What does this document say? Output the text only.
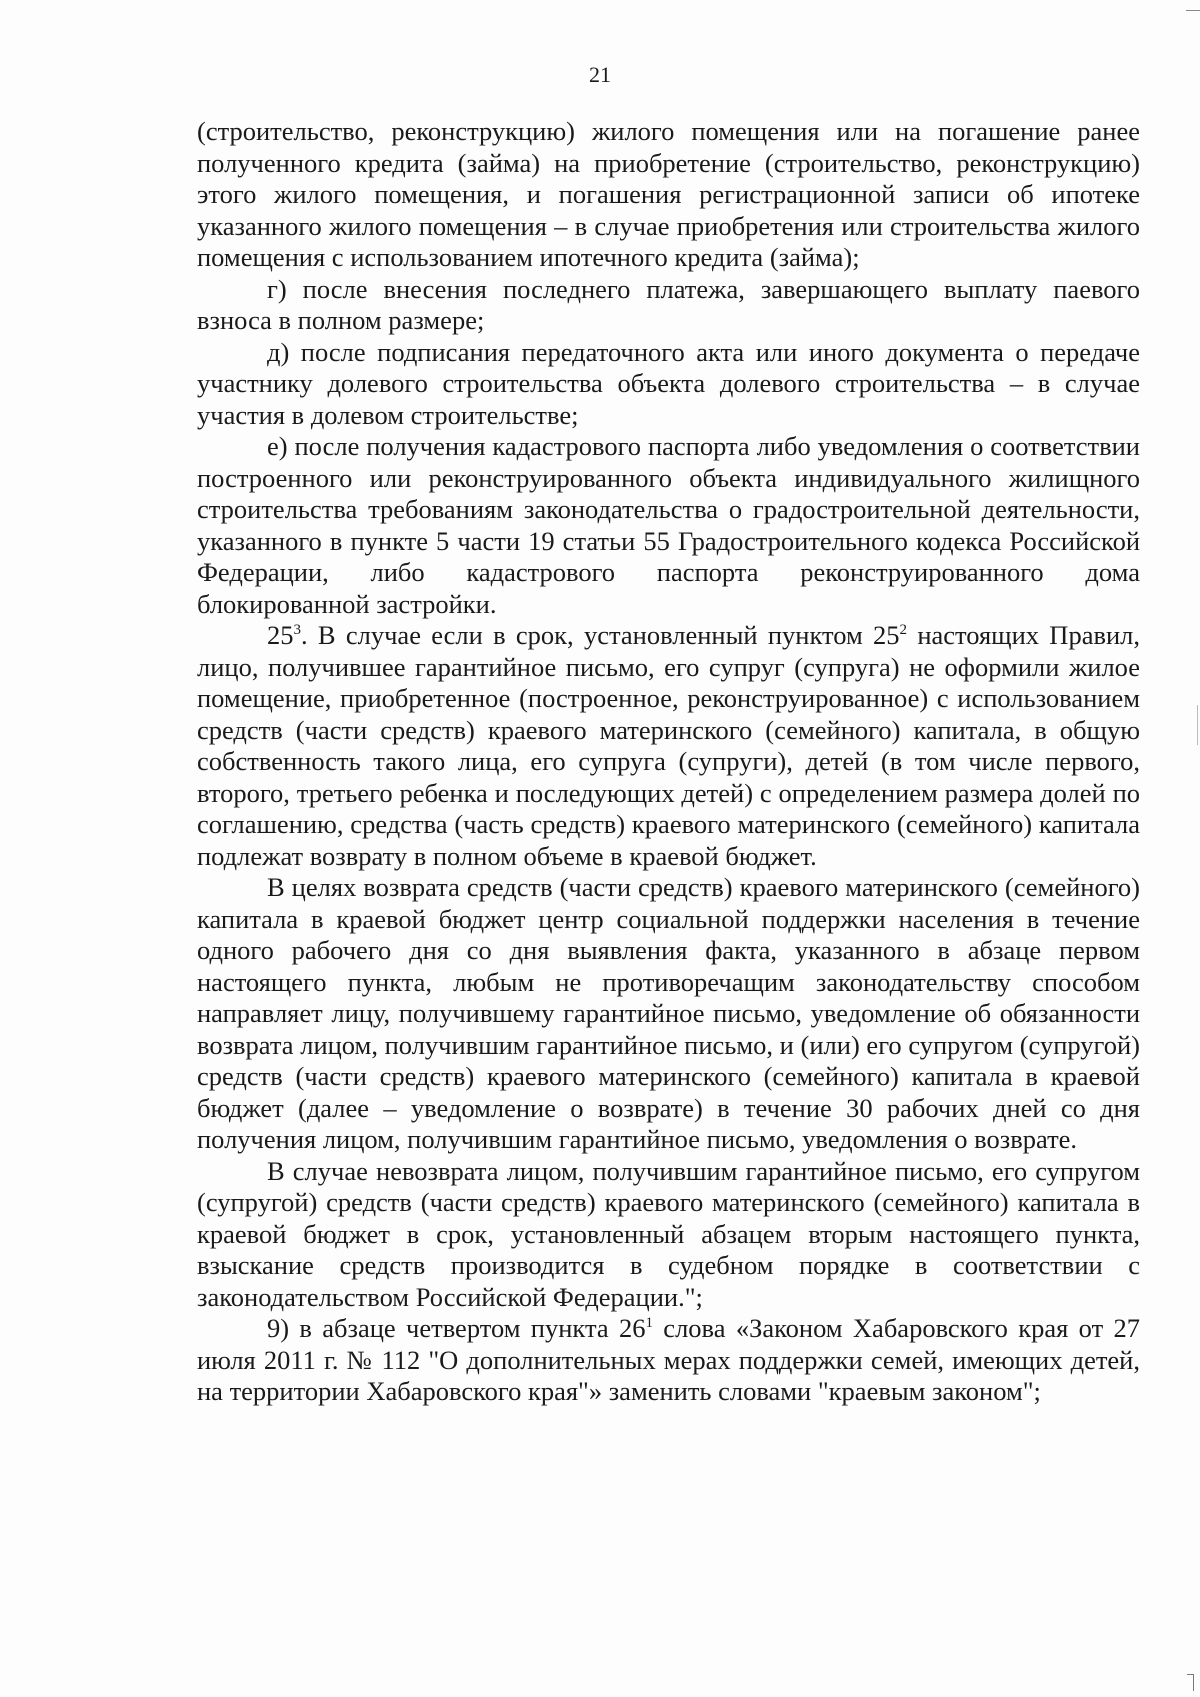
21

(строительство, реконструкцию) жилого помещения или на погашение ранее полученного кредита (займа) на приобретение (строительство, реконструкцию) этого жилого помещения, и погашения регистрационной записи об ипотеке указанного жилого помещения – в случае приобретения или строительства жилого помещения с использованием ипотечного кредита (займа);

г) после внесения последнего платежа, завершающего выплату паевого взноса в полном размере;

д) после подписания передаточного акта или иного документа о передаче участнику долевого строительства объекта долевого строительства – в случае участия в долевом строительстве;

е) после получения кадастрового паспорта либо уведомления о соответствии построенного или реконструированного объекта индивидуального жилищного строительства требованиям законодательства о градостроительной деятельности, указанного в пункте 5 части 19 статьи 55 Градостроительного кодекса Российской Федерации, либо кадастрового паспорта реконструированного дома блокированной застройки.

$25^3$. В случае если в срок, установленный пунктом $25^2$ настоящих Правил, лицо, получившее гарантийное письмо, его супруг (супруга) не оформили жилое помещение, приобретенное (построенное, реконструированное) с использованием средств (части средств) краевого материнского (семейного) капитала, в общую собственность такого лица, его супруга (супруги), детей (в том числе первого, второго, третьего ребенка и последующих детей) с определением размера долей по соглашению, средства (часть средств) краевого материнского (семейного) капитала подлежат возврату в полном объеме в краевой бюджет.

В целях возврата средств (части средств) краевого материнского (семейного) капитала в краевой бюджет центр социальной поддержки населения в течение одного рабочего дня со дня выявления факта, указанного в абзаце первом настоящего пункта, любым не противоречащим законодательству способом направляет лицу, получившему гарантийное письмо, уведомление об обязанности возврата лицом, получившим гарантийное письмо, и (или) его супругом (супругой) средств (части средств) краевого материнского (семейного) капитала в краевой бюджет (далее – уведомление о возврате) в течение 30 рабочих дней со дня получения лицом, получившим гарантийное письмо, уведомления о возврате.

В случае невозврата лицом, получившим гарантийное письмо, его супругом (супругой) средств (части средств) краевого материнского (семейного) капитала в краевой бюджет в срок, установленный абзацем вторым настоящего пункта, взыскание средств производится в судебном порядке в соответствии с законодательством Российской Федерации.";

9) в абзаце четвертом пункта $26^1$ слова «Законом Хабаровского края от 27 июля 2011 г. № 112 "О дополнительных мерах поддержки семей, имеющих детей, на территории Хабаровского края"» заменить словами "краевым законом";
